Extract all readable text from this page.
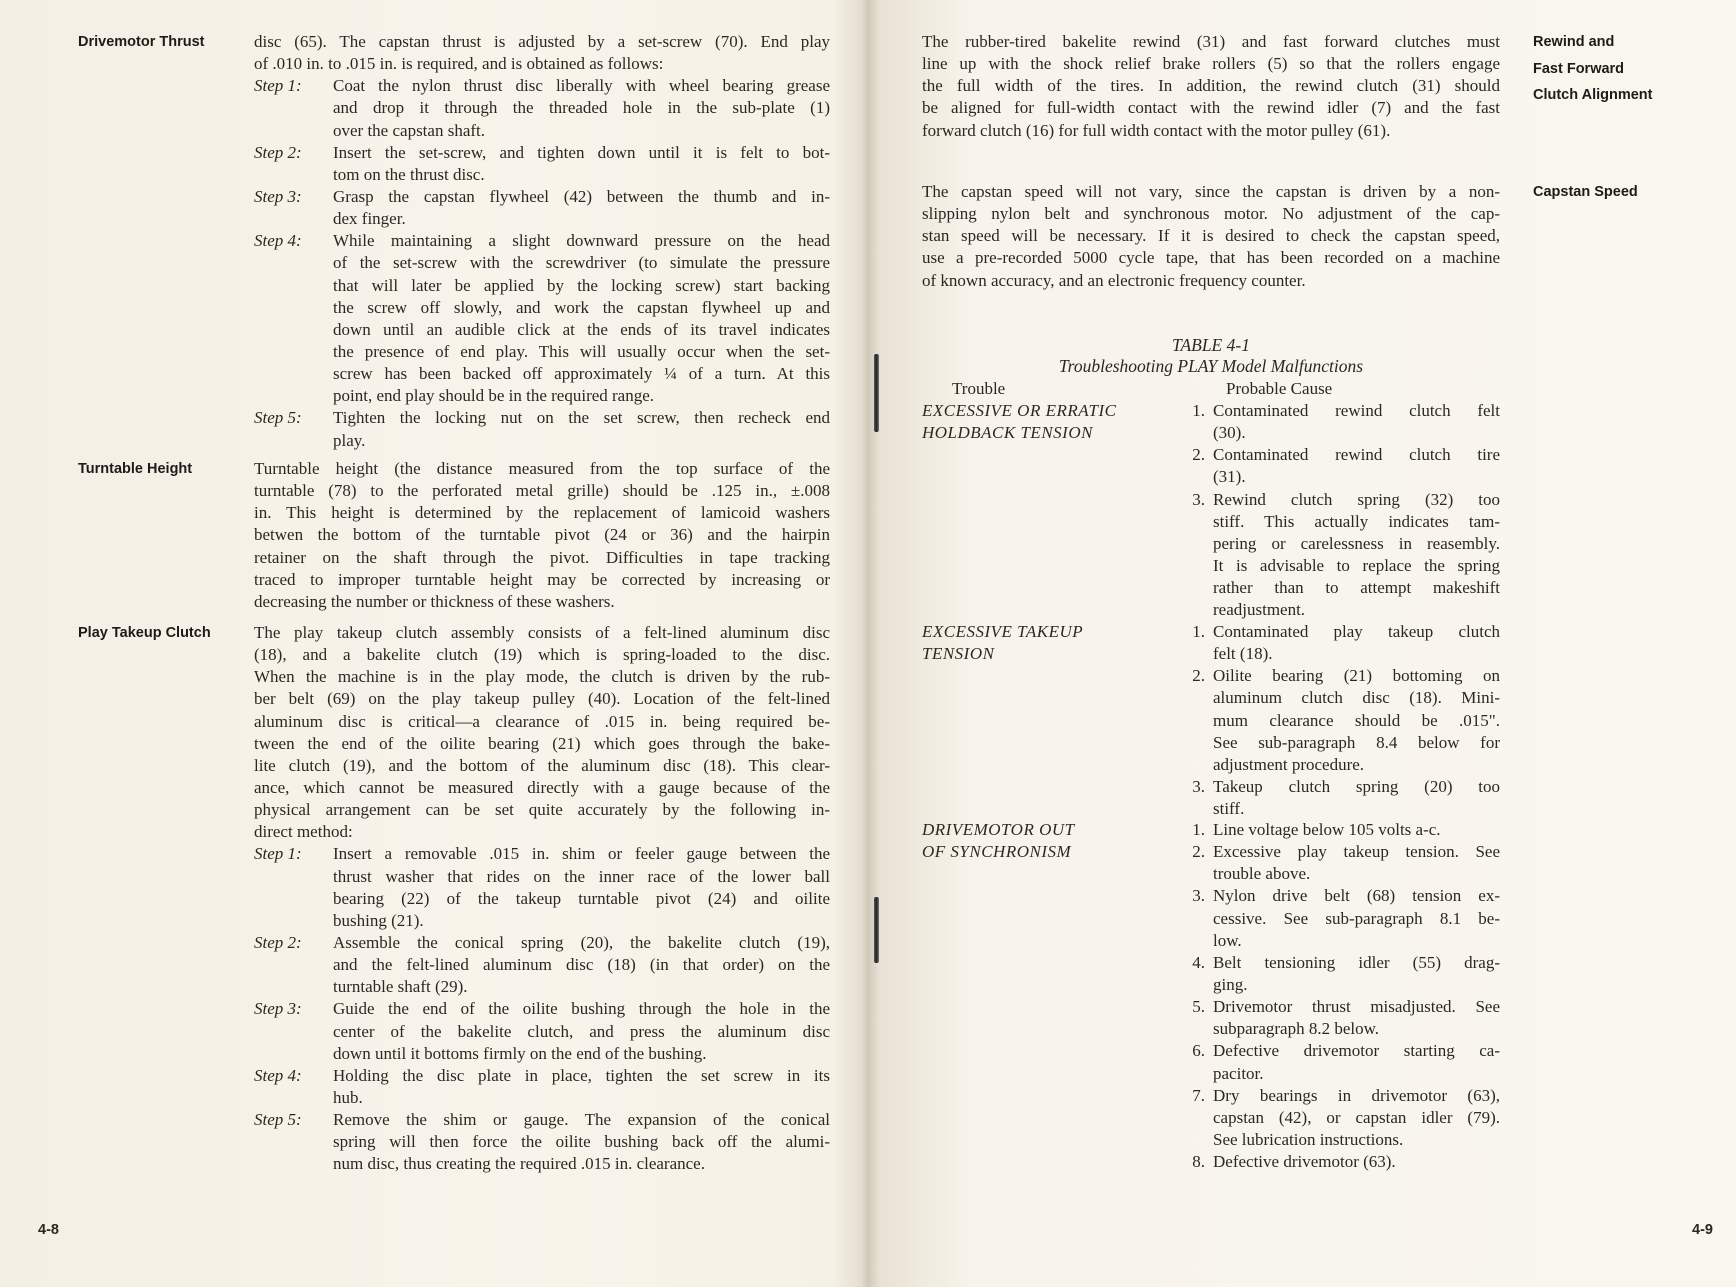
Drivemotor Thrust	disc (65). The capstan thrust is adjusted by a set-screw (70). End play
of .010 in. to .015 in. is required, and is obtained as follows:
Step 1: Coat the nylon thrust disc liberally with wheel bearing grease
and drop it through the threaded hole in the sub-plate (1)
over the capstan shaft.
Step 2: Insert the set-screw, and tighten down until it is felt to bot-
tom on the thrust disc.
Step 3: Grasp the capstan flywheel (42) between the thumb and in-
dex finger.
Step 4: While maintaining a slight downward pressure on the head
of the set-screw with the screwdriver (to simulate the pressure
that will later be applied by the locking screw) start backing
the screw off slowly, and work the capstan flywheel up and
down until an audible click at the ends of its travel indicates
the presence of end play. This will usually occur when the set-
screw has been backed off approximately ¼ of a turn. At this
point, end play should be in the required range.
Step 5: Tighten the locking nut on the set screw, then recheck end
play.
Turntable Height	Turntable height (the distance measured from the top surface of the
turntable (78) to the perforated metal grille) should be .125 in., ±.008
in. This height is determined by the replacement of lamicoid washers
betwen the bottom of the turntable pivot (24 or 36) and the hairpin
retainer on the shaft through the pivot. Difficulties in tape tracking
traced to improper turntable height may be corrected by increasing or
decreasing the number or thickness of these washers.
Play Takeup Clutch	The play takeup clutch assembly consists of a felt-lined aluminum disc
(18), and a bakelite clutch (19) which is spring-loaded to the disc.
When the machine is in the play mode, the clutch is driven by the rub-
ber belt (69) on the play takeup pulley (40). Location of the felt-lined
aluminum disc is critical—a clearance of .015 in. being required be-
tween the end of the oilite bearing (21) which goes through the bake-
lite clutch (19), and the bottom of the aluminum disc (18). This clear-
ance, which cannot be measured directly with a gauge because of the
physical arrangement can be set quite accurately by the following in-
direct method:
Step 1: Insert a removable .015 in. shim or feeler gauge between the
thrust washer that rides on the inner race of the lower ball
bearing (22) of the takeup turntable pivot (24) and oilite
bushing (21).
Step 2: Assemble the conical spring (20), the bakelite clutch (19),
and the felt-lined aluminum disc (18) (in that order) on the
turntable shaft (29).
Step 3: Guide the end of the oilite bushing through the hole in the
center of the bakelite clutch, and press the aluminum disc
down until it bottoms firmly on the end of the bushing.
Step 4: Holding the disc plate in place, tighten the set screw in its
hub.
Step 5: Remove the shim or gauge. The expansion of the conical
spring will then force the oilite bushing back off the alumi-
num disc, thus creating the required .015 in. clearance.
4-8
Rewind and
Fast Forward
Clutch Alignment
The rubber-tired bakelite rewind (31) and fast forward clutches must
line up with the shock relief brake rollers (5) so that the rollers engage
the full width of the tires. In addition, the rewind clutch (31) should
be aligned for full-width contact with the rewind idler (7) and the fast
forward clutch (16) for full width contact with the motor pulley (61).
Capstan Speed
The capstan speed will not vary, since the capstan is driven by a non-
slipping nylon belt and synchronous motor. No adjustment of the cap-
stan speed will be necessary. If it is desired to check the capstan speed,
use a pre-recorded 5000 cycle tape, that has been recorded on a machine
of known accuracy, and an electronic frequency counter.
TABLE 4-1
Troubleshooting PLAY Model Malfunctions
Trouble	Probable Cause
EXCESSIVE OR ERRATIC
HOLDBACK TENSION
1. Contaminated rewind clutch felt
(30).
2. Contaminated rewind clutch tire
(31).
3. Rewind clutch spring (32) too
stiff. This actually indicates tam-
pering or carelessness in reasembly.
It is advisable to replace the spring
rather than to attempt makeshift
readjustment.
EXCESSIVE TAKEUP
TENSION
1. Contaminated play takeup clutch
felt (18).
2. Oilite bearing (21) bottoming on
aluminum clutch disc (18). Mini-
mum clearance should be .015".
See sub-paragraph 8.4 below for
adjustment procedure.
3. Takeup clutch spring (20) too
stiff.
DRIVEMOTOR OUT
OF SYNCHRONISM
1. Line voltage below 105 volts a-c.
2. Excessive play takeup tension. See
trouble above.
3. Nylon drive belt (68) tension ex-
cessive. See sub-paragraph 8.1 be-
low.
4. Belt tensioning idler (55) drag-
ging.
5. Drivemotor thrust misadjusted. See
subparagraph 8.2 below.
6. Defective drivemotor starting ca-
pacitor.
7. Dry bearings in drivemotor (63),
capstan (42), or capstan idler (79).
See lubrication instructions.
8. Defective drivemotor (63).
4-9
